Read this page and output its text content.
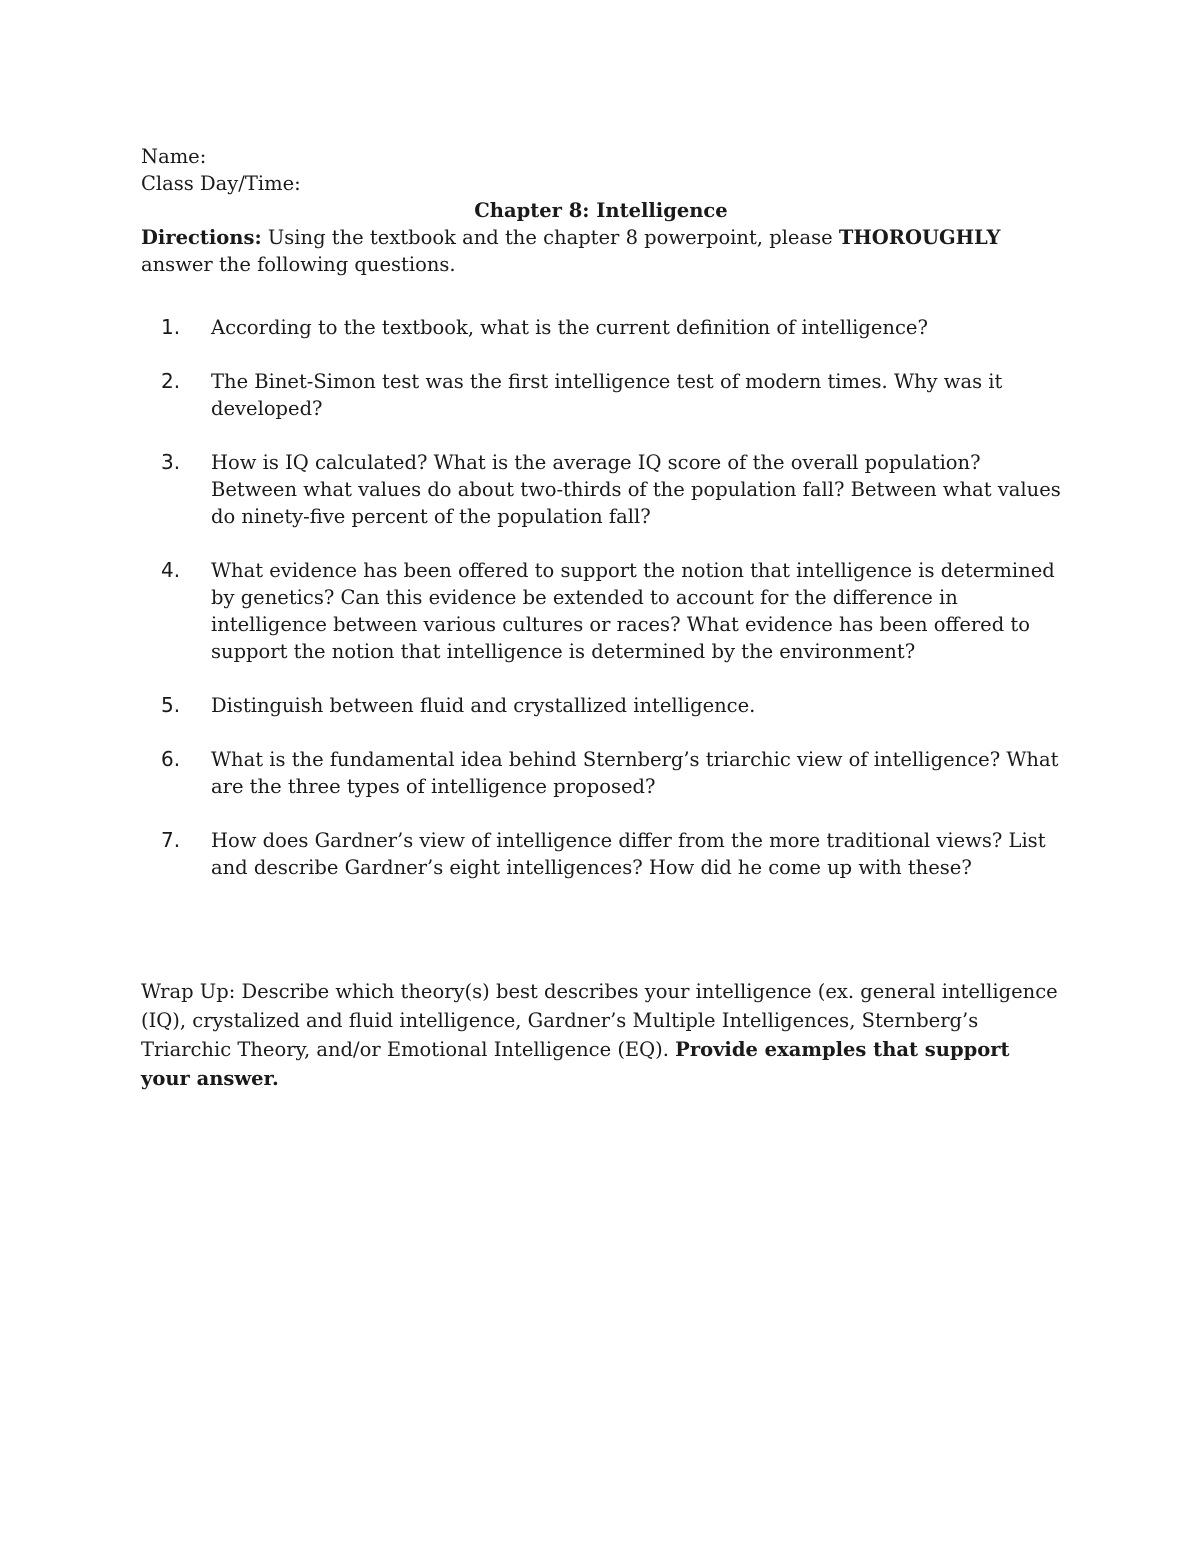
Name:
Class Day/Time:
Chapter 8: Intelligence
Directions: Using the textbook and the chapter 8 powerpoint, please THOROUGHLY answer the following questions.
1. According to the textbook, what is the current definition of intelligence?
2. The Binet-Simon test was the first intelligence test of modern times. Why was it developed?
3. How is IQ calculated? What is the average IQ score of the overall population? Between what values do about two-thirds of the population fall? Between what values do ninety-five percent of the population fall?
4. What evidence has been offered to support the notion that intelligence is determined by genetics? Can this evidence be extended to account for the difference in intelligence between various cultures or races? What evidence has been offered to support the notion that intelligence is determined by the environment?
5. Distinguish between fluid and crystallized intelligence.
6. What is the fundamental idea behind Sternberg’s triarchic view of intelligence? What are the three types of intelligence proposed?
7. How does Gardner’s view of intelligence differ from the more traditional views? List and describe Gardner’s eight intelligences? How did he come up with these?
Wrap Up: Describe which theory(s) best describes your intelligence (ex. general intelligence (IQ), crystalized and fluid intelligence, Gardner’s Multiple Intelligences, Sternberg’s Triarchic Theory, and/or Emotional Intelligence (EQ). Provide examples that support your answer.
